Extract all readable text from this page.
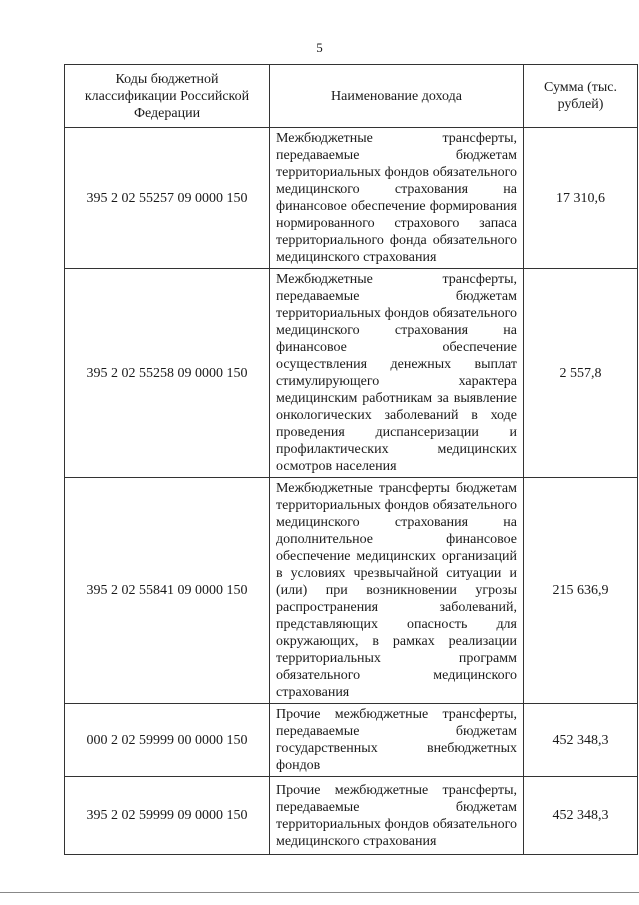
5
Коды бюджетной классификации Российской Федерации	Наименование дохода	Сумма (тыс. рублей)
395 2 02 55257 09 0000 150	Межбюджетные трансферты, передаваемые бюджетам территориальных фондов обязательного медицинского страхования на финансовое обеспечение формирования нормированного страхового запаса территориального фонда обязательного медицинского страхования	17 310,6
395 2 02 55258 09 0000 150	Межбюджетные трансферты, передаваемые бюджетам территориальных фондов обязательного медицинского страхования на финансовое обеспечение осуществления денежных выплат стимулирующего характера медицинским работникам за выявление онкологических заболеваний в ходе проведения диспансеризации и профилактических медицинских осмотров населения	2 557,8
395 2 02 55841 09 0000 150	Межбюджетные трансферты бюджетам территориальных фондов обязательного медицинского страхования на дополнительное финансовое обеспечение медицинских организаций в условиях чрезвычайной ситуации и (или) при возникновении угрозы распространения заболеваний, представляющих опасность для окружающих, в рамках реализации территориальных программ обязательного медицинского страхования	215 636,9
000 2 02 59999 00 0000 150	Прочие межбюджетные трансферты, передаваемые бюджетам государственных внебюджетных фондов	452 348,3
395 2 02 59999 09 0000 150	Прочие межбюджетные трансферты, передаваемые бюджетам территориальных фондов обязательного медицинского страхования	452 348,3
